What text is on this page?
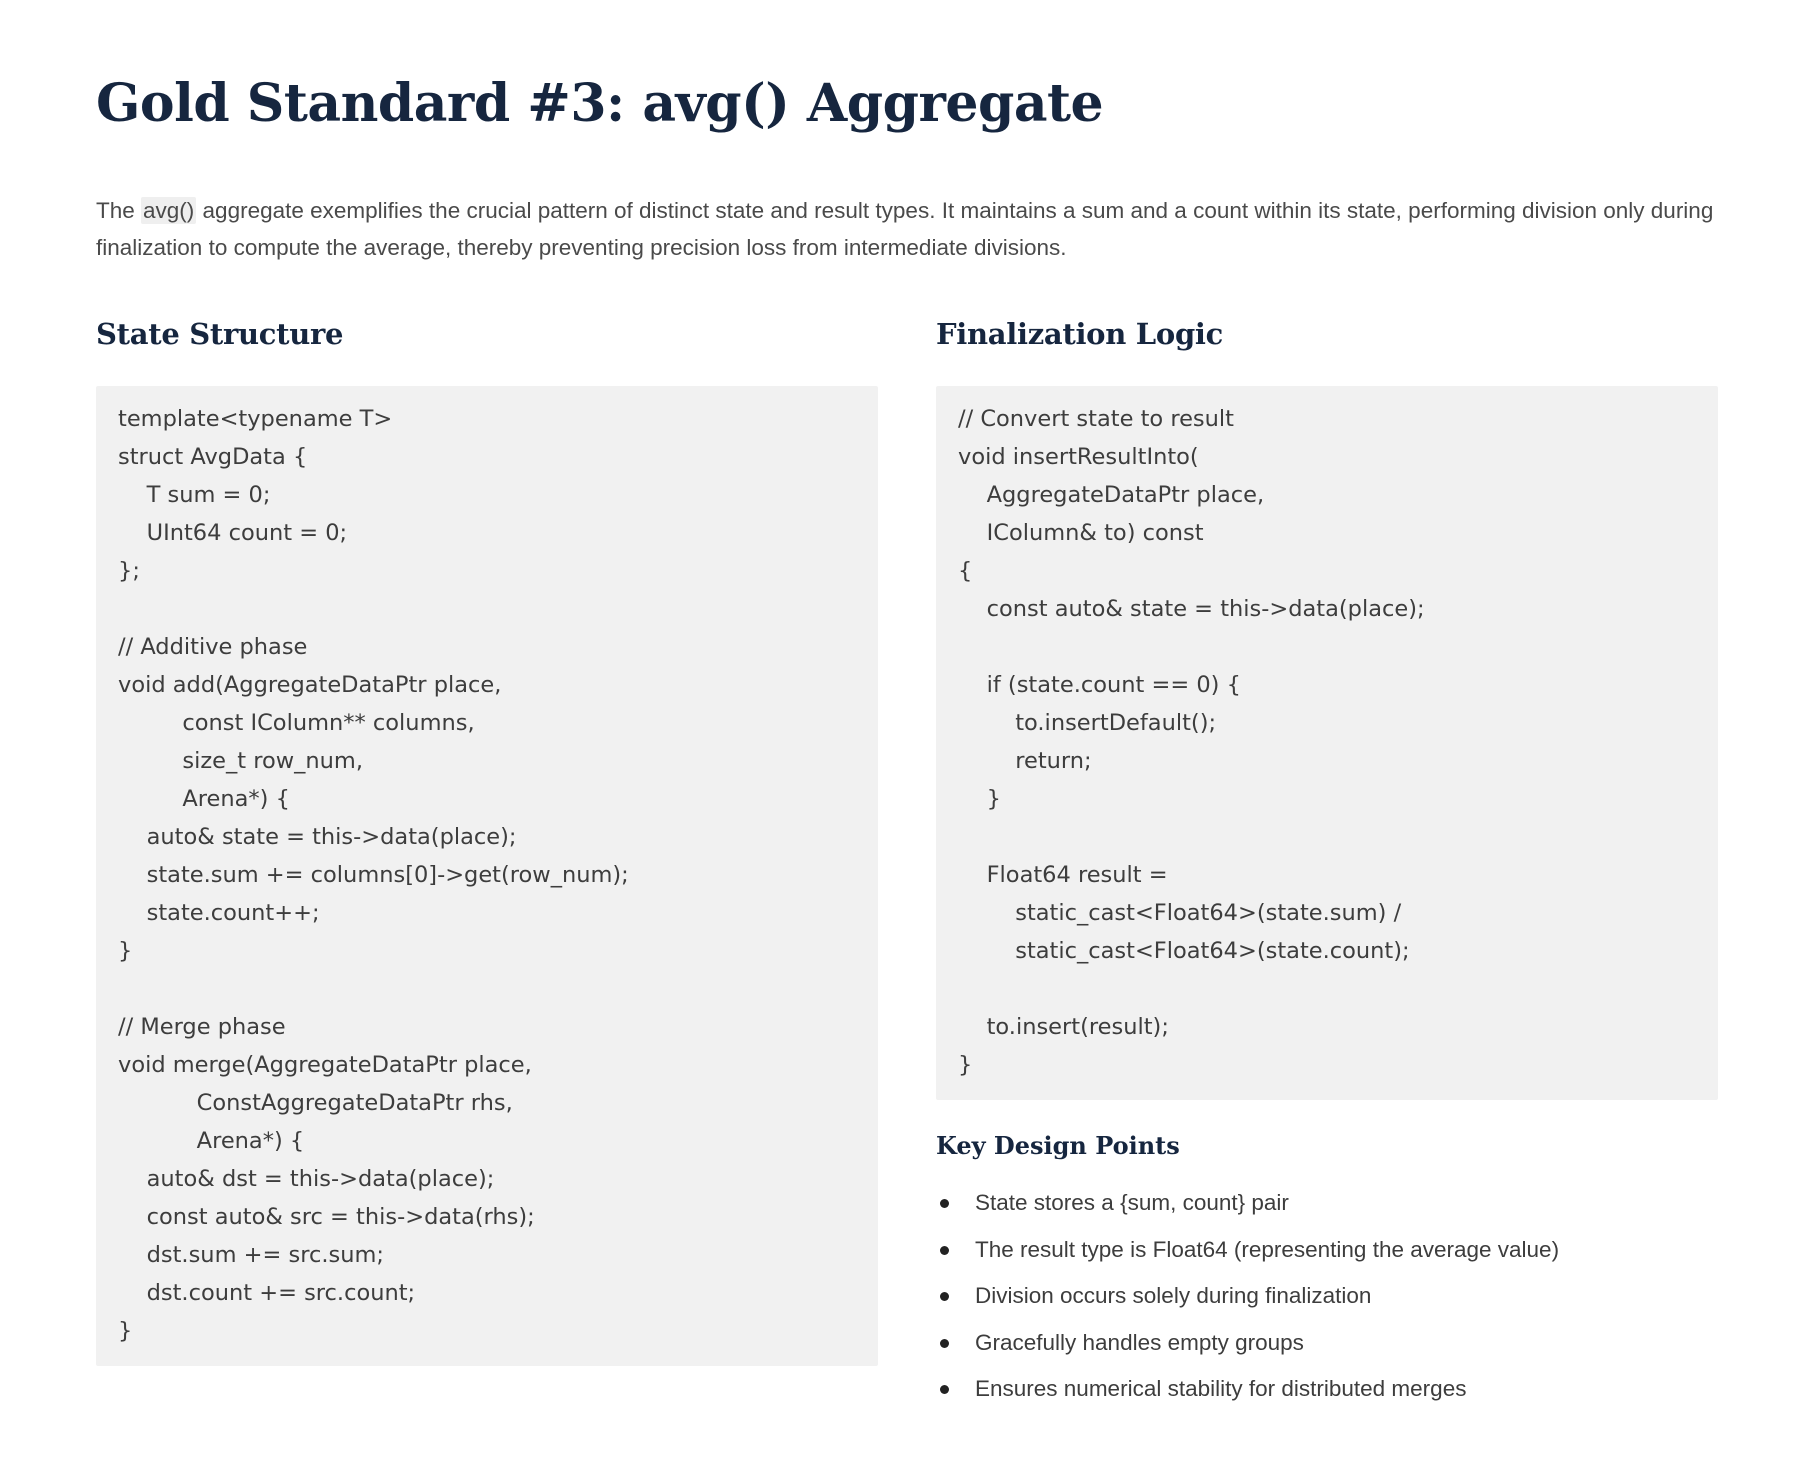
Gold Standard #3: avg() Aggregate

The avg() aggregate exemplifies the crucial pattern of distinct state and result types. It maintains a sum and a count within its state, performing division only during finalization to compute the average, thereby preventing precision loss from intermediate divisions.

State Structure
template<typename T>
struct AvgData {
T sum = 0;
UInt64 count = 0;
};
// Additive phase
void add(AggregateDataPtr place,
const IColumn** columns,
size_t row_num,
Arena*) {
auto& state = this->data(place);
state.sum += columns[0]->get(row_num);
state.count++;
}
// Merge phase
void merge(AggregateDataPtr place,
ConstAggregateDataPtr rhs,
Arena*) {
auto& dst = this->data(place);
const auto& src = this->data(rhs);
dst.sum += src.sum;
dst.count += src.count;
}
Finalization Logic
// Convert state to result
void insertResultInto(
AggregateDataPtr place,
IColumn& to) const
{
const auto& state = this->data(place);
if (state.count == 0) {
to.insertDefault();
return;
}
Float64 result =
static_cast<Float64>(state.sum) /
static_cast<Float64>(state.count);
to.insert(result);
}
Key Design Points
State stores a {sum, count} pair
The result type is Float64 (representing the average value)
Division occurs solely during finalization
Gracefully handles empty groups
Ensures numerical stability for distributed merges
